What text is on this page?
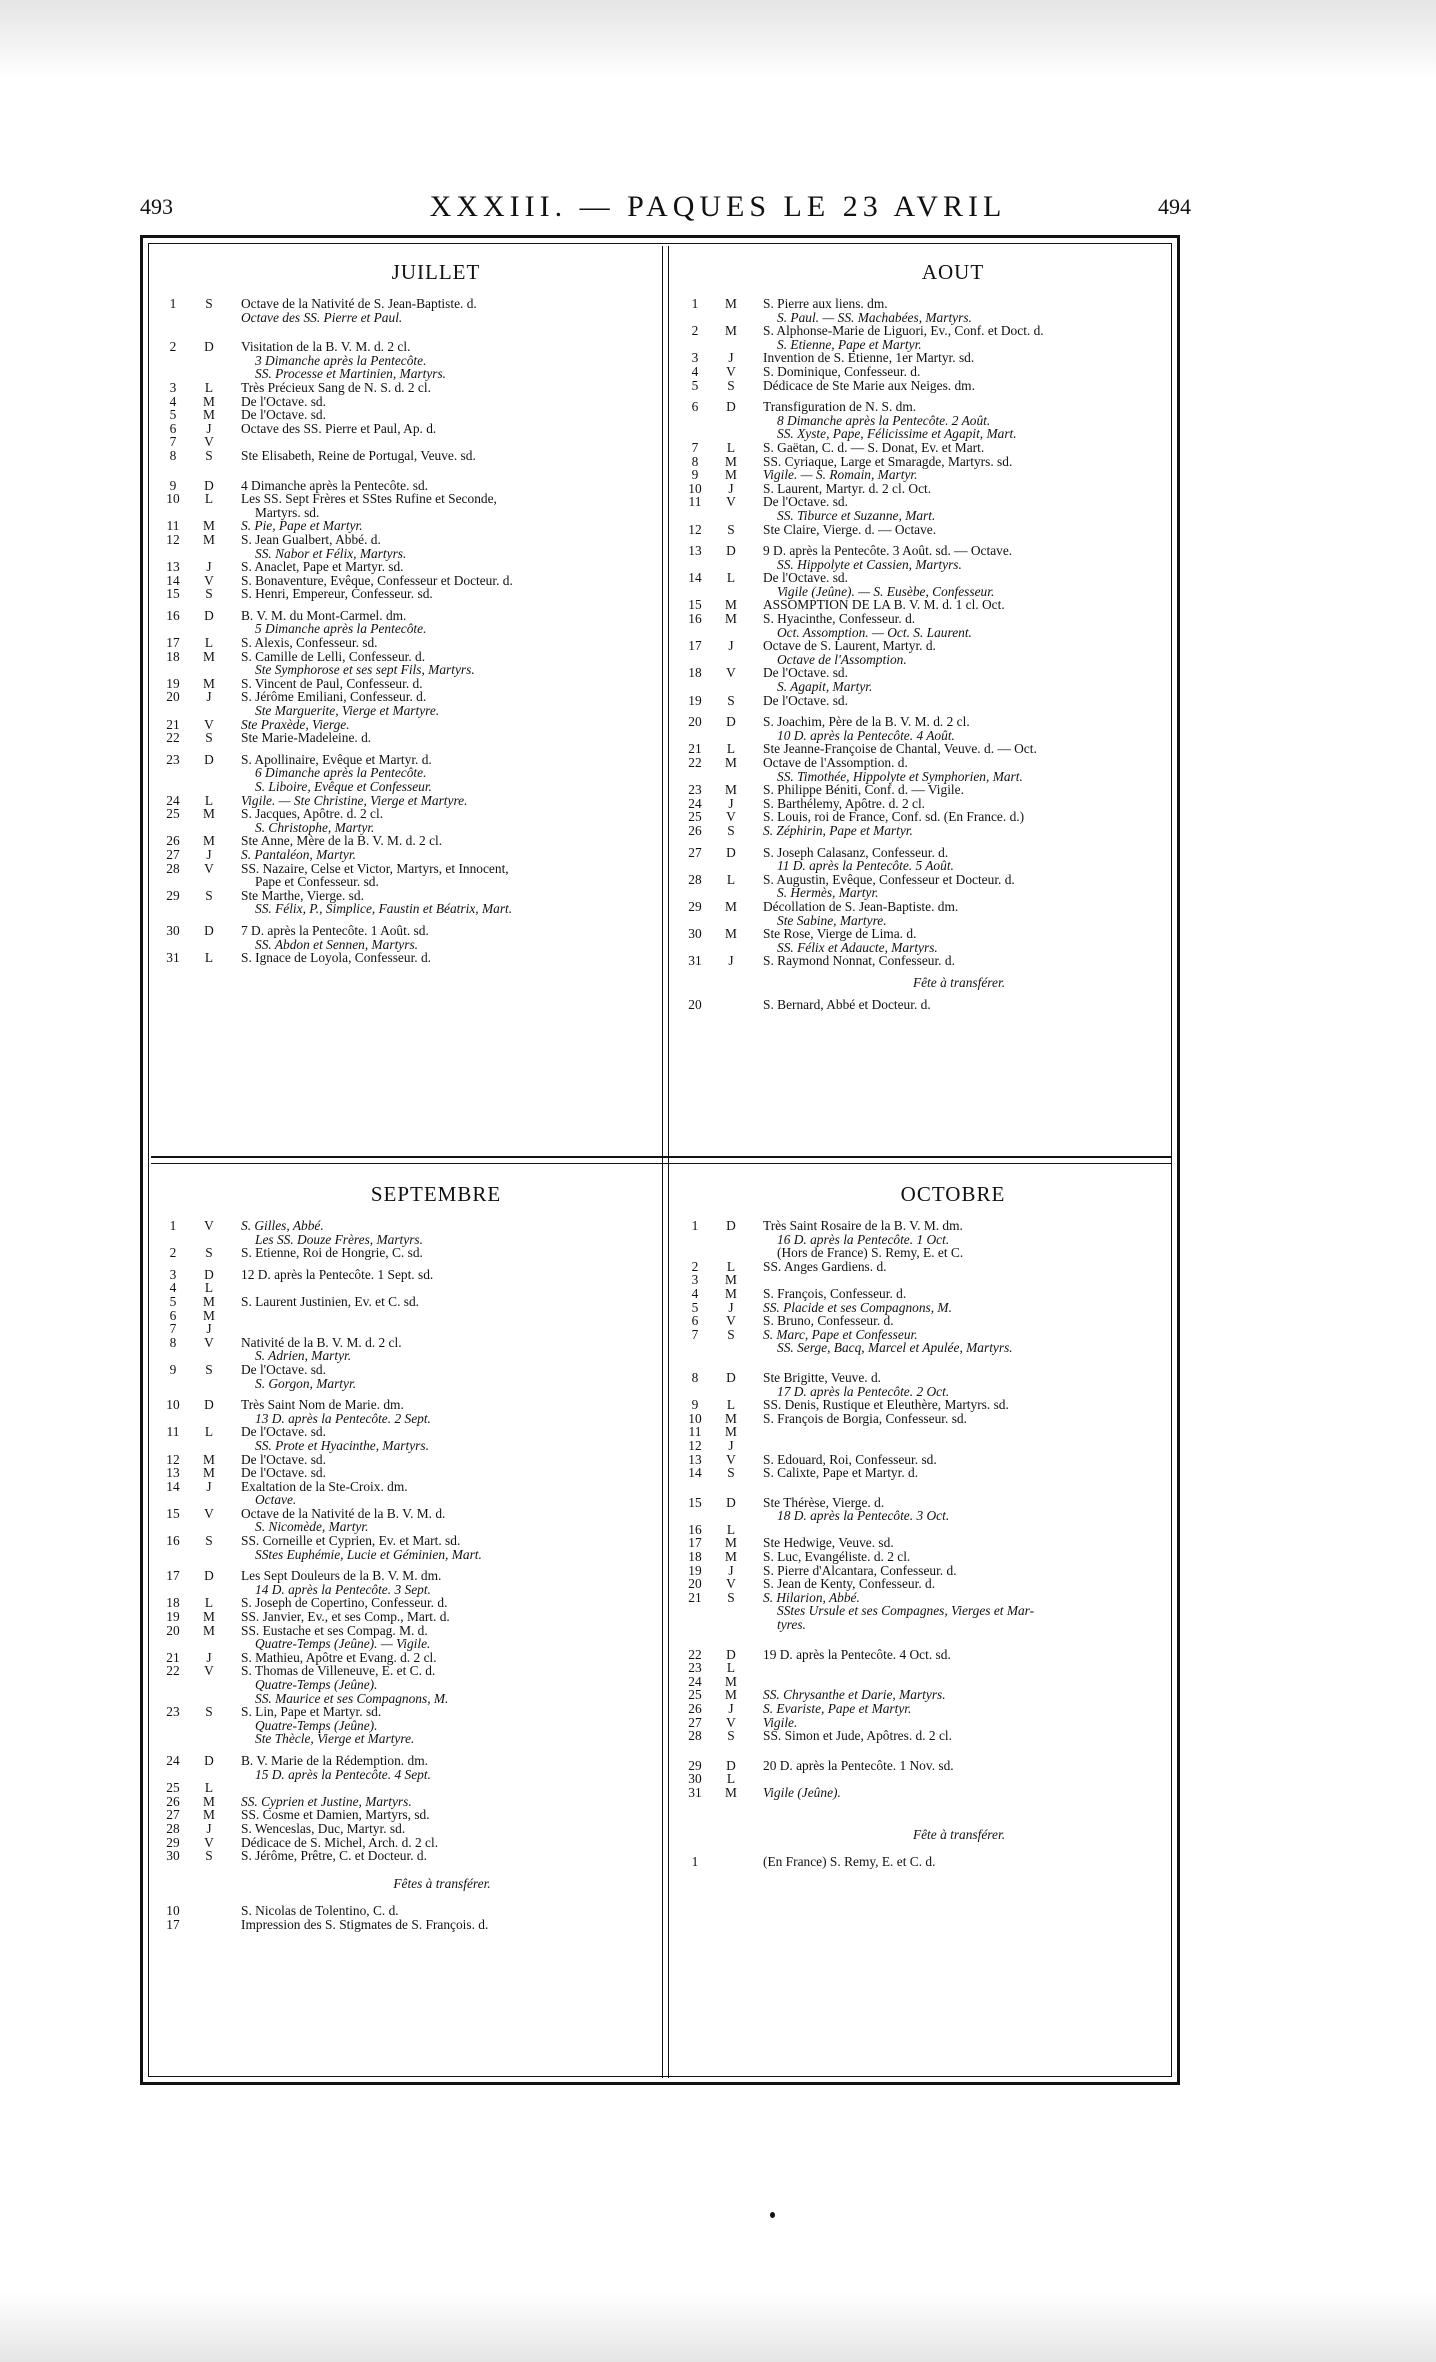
493	XXXIII. — PAQUES LE 23 AVRIL	494
JUILLET
1	S	Octave de la Nativité de S. Jean-Baptiste. d.
Octave des SS. Pierre et Paul.
2	D	Visitation de la B. V. M. d. 2 cl.
3 Dimanche après la Pentecôte.
SS. Processe et Martinien, Martyrs.
3	L	Très Précieux Sang de N. S. d. 2 cl.
4	M	De l'Octave. sd.
5	M	De l'Octave. sd.
6	J	Octave des SS. Pierre et Paul, Ap. d.
7	V
8	S	Ste Elisabeth, Reine de Portugal, Veuve. sd.
9	D	4 Dimanche après la Pentecôte. sd.
10	L	Les SS. Sept Frères et SStes Rufine et Seconde,
Martyrs. sd.
11	M	S. Pie, Pape et Martyr.
12	M	S. Jean Gualbert, Abbé. d.
SS. Nabor et Félix, Martyrs.
13	J	S. Anaclet, Pape et Martyr. sd.
14	V	S. Bonaventure, Evêque, Confesseur et Docteur. d.
15	S	S. Henri, Empereur, Confesseur. sd.
16	D	B. V. M. du Mont-Carmel. dm.
5 Dimanche après la Pentecôte.
17	L	S. Alexis, Confesseur. sd.
18	M	S. Camille de Lelli, Confesseur. d.
Ste Symphorose et ses sept Fils, Martyrs.
19	M	S. Vincent de Paul, Confesseur. d.
20	J	S. Jérôme Emiliani, Confesseur. d.
Ste Marguerite, Vierge et Martyre.
21	V	Ste Praxède, Vierge.
22	S	Ste Marie-Madeleine. d.
23	D	S. Apollinaire, Evêque et Martyr. d.
6 Dimanche après la Pentecôte.
S. Liboire, Evêque et Confesseur.
24	L	Vigile. — Ste Christine, Vierge et Martyre.
25	M	S. Jacques, Apôtre. d. 2 cl.
S. Christophe, Martyr.
26	M	Ste Anne, Mère de la B. V. M. d. 2 cl.
27	J	S. Pantaléon, Martyr.
28	V	SS. Nazaire, Celse et Victor, Martyrs, et Innocent,
Pape et Confesseur. sd.
29	S	Ste Marthe, Vierge. sd.
SS. Félix, P., Simplice, Faustin et Béatrix, Mart.
30	D	7 D. après la Pentecôte. 1 Août. sd.
SS. Abdon et Sennen, Martyrs.
31	L	S. Ignace de Loyola, Confesseur. d.
AOUT
1	M	S. Pierre aux liens. dm.
S. Paul. — SS. Machabées, Martyrs.
2	M	S. Alphonse-Marie de Liguori, Ev., Conf. et Doct. d.
S. Etienne, Pape et Martyr.
3	J	Invention de S. Etienne, 1er Martyr. sd.
4	V	S. Dominique, Confesseur. d.
5	S	Dédicace de Ste Marie aux Neiges. dm.
6	D	Transfiguration de N. S. dm.
8 Dimanche après la Pentecôte. 2 Août.
SS. Xyste, Pape, Félicissime et Agapit, Mart.
7	L	S. Gaëtan, C. d. — S. Donat, Ev. et Mart.
8	M	SS. Cyriaque, Large et Smaragde, Martyrs. sd.
9	M	Vigile. — S. Romain, Martyr.
10	J	S. Laurent, Martyr. d. 2 cl. Oct.
11	V	De l'Octave. sd.
SS. Tiburce et Suzanne, Mart.
12	S	Ste Claire, Vierge. d. — Octave.
13	D	9 D. après la Pentecôte. 3 Août. sd. — Octave.
SS. Hippolyte et Cassien, Martyrs.
14	L	De l'Octave. sd.
Vigile (Jeûne). — S. Eusèbe, Confesseur.
15	M	ASSOMPTION DE LA B. V. M. d. 1 cl. Oct.
16	M	S. Hyacinthe, Confesseur. d.
Oct. Assomption. — Oct. S. Laurent.
17	J	Octave de S. Laurent, Martyr. d.
Octave de l'Assomption.
18	V	De l'Octave. sd.
S. Agapit, Martyr.
19	S	De l'Octave. sd.
20	D	S. Joachim, Père de la B. V. M. d. 2 cl.
10 D. après la Pentecôte. 4 Août.
21	L	Ste Jeanne-Françoise de Chantal, Veuve. d. — Oct.
22	M	Octave de l'Assomption. d.
SS. Timothée, Hippolyte et Symphorien, Mart.
23	M	S. Philippe Béniti, Conf. d. — Vigile.
24	J	S. Barthélemy, Apôtre. d. 2 cl.
25	V	S. Louis, roi de France, Conf. sd. (En France. d.)
26	S	S. Zéphirin, Pape et Martyr.
27	D	S. Joseph Calasanz, Confesseur. d.
11 D. après la Pentecôte. 5 Août.
28	L	S. Augustin, Evêque, Confesseur et Docteur. d.
S. Hermès, Martyr.
29	M	Décollation de S. Jean-Baptiste. dm.
Ste Sabine, Martyre.
30	M	Ste Rose, Vierge de Lima. d.
SS. Félix et Adaucte, Martyrs.
31	J	S. Raymond Nonnat, Confesseur. d.
Fête à transférer.
20	S. Bernard, Abbé et Docteur. d.
SEPTEMBRE
1	V	S. Gilles, Abbé.
Les SS. Douze Frères, Martyrs.
2	S	S. Etienne, Roi de Hongrie, C. sd.
3	D	12 D. après la Pentecôte. 1 Sept. sd.
4	L
5	M	S. Laurent Justinien, Ev. et C. sd.
6	M
7	J
8	V	Nativité de la B. V. M. d. 2 cl.
S. Adrien, Martyr.
9	S	De l'Octave. sd.
S. Gorgon, Martyr.
10	D	Très Saint Nom de Marie. dm.
13 D. après la Pentecôte. 2 Sept.
11	L	De l'Octave. sd.
SS. Prote et Hyacinthe, Martyrs.
12	M	De l'Octave. sd.
13	M	De l'Octave. sd.
14	J	Exaltation de la Ste-Croix. dm.
Octave.
15	V	Octave de la Nativité de la B. V. M. d.
S. Nicomède, Martyr.
16	S	SS. Corneille et Cyprien, Ev. et Mart. sd.
SStes Euphémie, Lucie et Géminien, Mart.
17	D	Les Sept Douleurs de la B. V. M. dm.
14 D. après la Pentecôte. 3 Sept.
18	L	S. Joseph de Copertino, Confesseur. d.
19	M	SS. Janvier, Ev., et ses Comp., Mart. d.
20	M	SS. Eustache et ses Compag. M. d.
Quatre-Temps (Jeûne). — Vigile.
21	J	S. Mathieu, Apôtre et Evang. d. 2 cl.
22	V	S. Thomas de Villeneuve, E. et C. d.
Quatre-Temps (Jeûne).
SS. Maurice et ses Compagnons, M.
23	S	S. Lin, Pape et Martyr. sd.
Quatre-Temps (Jeûne).
Ste Thècle, Vierge et Martyre.
24	D	B. V. Marie de la Rédemption. dm.
15 D. après la Pentecôte. 4 Sept.
25	L
26	M	SS. Cyprien et Justine, Martyrs.
27	M	SS. Cosme et Damien, Martyrs, sd.
28	J	S. Wenceslas, Duc, Martyr. sd.
29	V	Dédicace de S. Michel, Arch. d. 2 cl.
30	S	S. Jérôme, Prêtre, C. et Docteur. d.
Fêtes à transférer.
10	S. Nicolas de Tolentino, C. d.
17	Impression des S. Stigmates de S. François. d.
OCTOBRE
1	D	Très Saint Rosaire de la B. V. M. dm.
16 D. après la Pentecôte. 1 Oct.
(Hors de France) S. Remy, E. et C.
2	L	SS. Anges Gardiens. d.
3	M
4	M	S. François, Confesseur. d.
5	J	SS. Placide et ses Compagnons, M.
6	V	S. Bruno, Confesseur. d.
7	S	S. Marc, Pape et Confesseur.
SS. Serge, Bacq, Marcel et Apulée, Martyrs.
8	D	Ste Brigitte, Veuve. d.
17 D. après la Pentecôte. 2 Oct.
9	L	SS. Denis, Rustique et Eleuthère, Martyrs. sd.
10	M	S. François de Borgia, Confesseur. sd.
11	M
12	J
13	V	S. Edouard, Roi, Confesseur. sd.
14	S	S. Calixte, Pape et Martyr. d.
15	D	Ste Thérèse, Vierge. d.
18 D. après la Pentecôte. 3 Oct.
16	L
17	M	Ste Hedwige, Veuve. sd.
18	M	S. Luc, Evangéliste. d. 2 cl.
19	J	S. Pierre d'Alcantara, Confesseur. d.
20	V	S. Jean de Kenty, Confesseur. d.
21	S	S. Hilarion, Abbé.
SStes Ursule et ses Compagnes, Vierges et Mar-
tyres.
22	D	19 D. après la Pentecôte. 4 Oct. sd.
23	L
24	M
25	M	SS. Chrysanthe et Darie, Martyrs.
26	J	S. Evariste, Pape et Martyr.
27	V	Vigile.
28	S	SS. Simon et Jude, Apôtres. d. 2 cl.
29	D	20 D. après la Pentecôte. 1 Nov. sd.
30	L
31	M	Vigile (Jeûne).
Fête à transférer.
1	(En France) S. Remy, E. et C. d.
